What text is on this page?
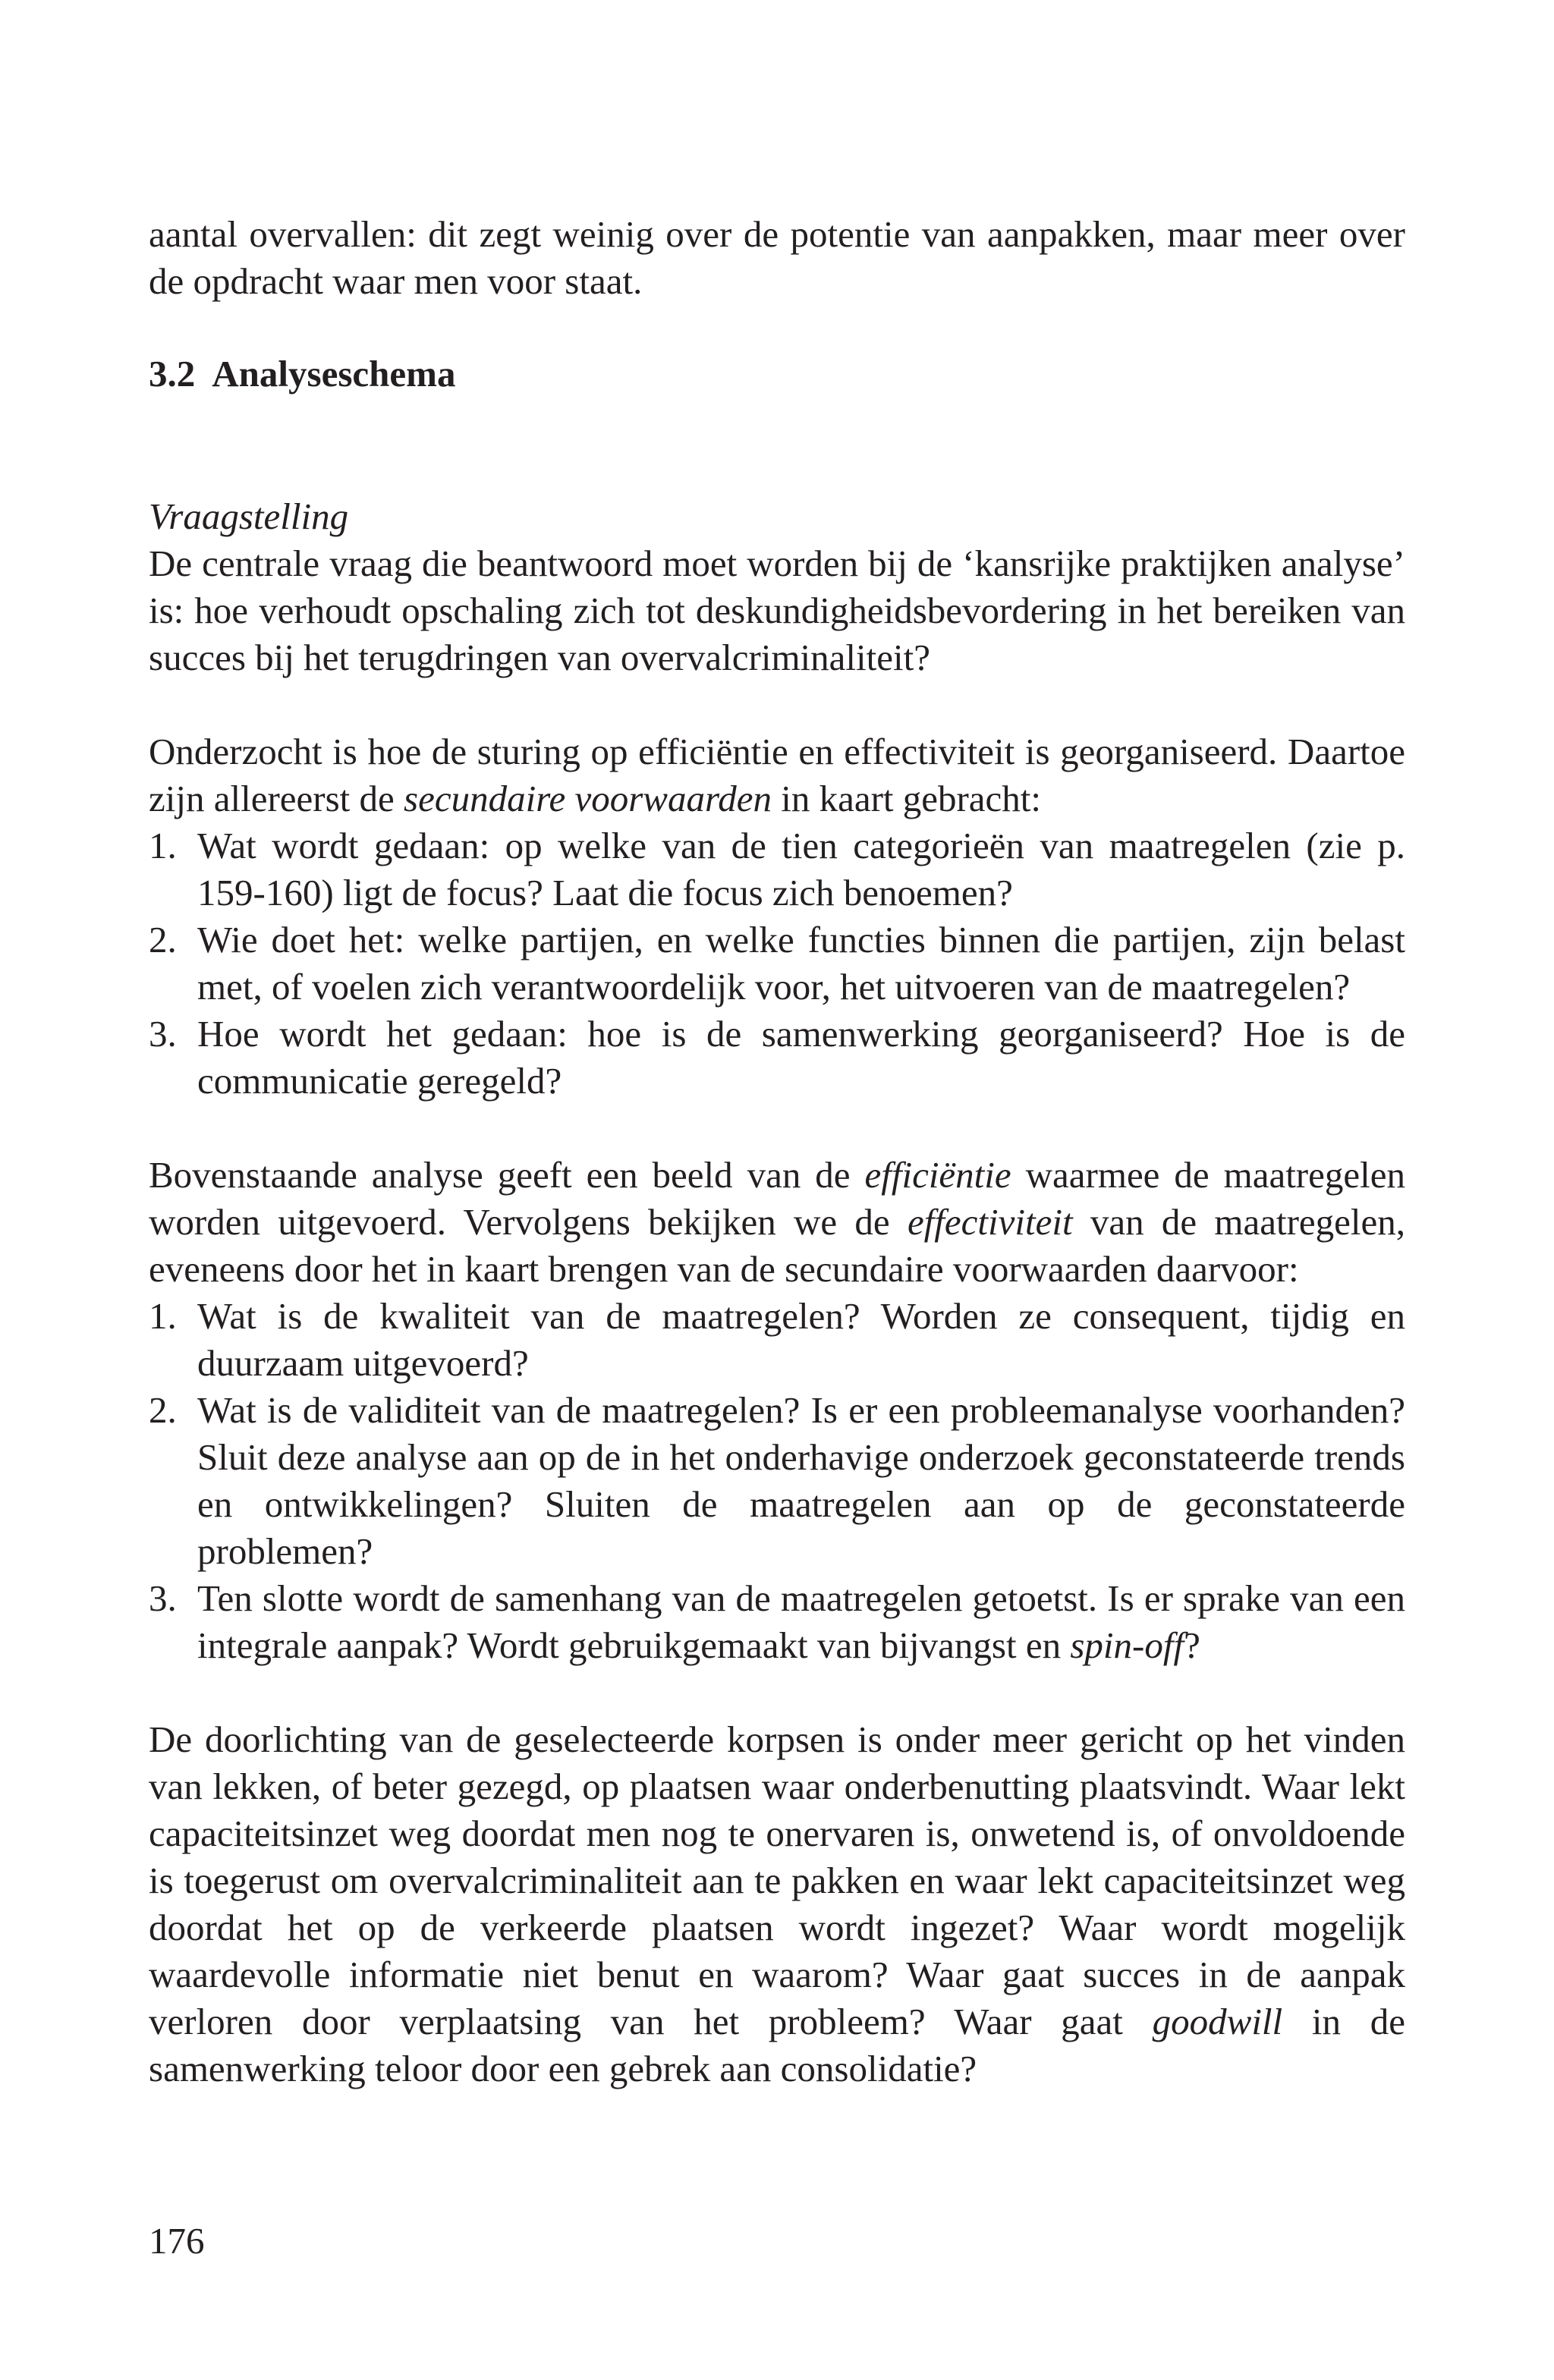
aantal overvallen: dit zegt weinig over de potentie van aanpakken, maar meer over de opdracht waar men voor staat.

3.2 Analyseschema

Vraagstelling

De centrale vraag die beantwoord moet worden bij de ‘kansrijke praktijken analyse’ is: hoe verhoudt opschaling zich tot deskundigheidsbevordering in het bereiken van succes bij het terugdringen van overvalcriminaliteit?

Onderzocht is hoe de sturing op efficiëntie en effectiviteit is georganiseerd. Daartoe zijn allereerst de secundaire voorwaarden in kaart gebracht:

1. Wat wordt gedaan: op welke van de tien categorieën van maatregelen (zie p. 159-160) ligt de focus? Laat die focus zich benoemen?
2. Wie doet het: welke partijen, en welke functies binnen die partijen, zijn belast met, of voelen zich verantwoordelijk voor, het uitvoeren van de maatregelen?
3. Hoe wordt het gedaan: hoe is de samenwerking georganiseerd? Hoe is de communicatie geregeld?

Bovenstaande analyse geeft een beeld van de efficiëntie waarmee de maatregelen worden uitgevoerd. Vervolgens bekijken we de effectiviteit van de maatregelen, eveneens door het in kaart brengen van de secundaire voorwaarden daarvoor:

1. Wat is de kwaliteit van de maatregelen? Worden ze consequent, tijdig en duurzaam uitgevoerd?
2. Wat is de validiteit van de maatregelen? Is er een probleemanalyse voorhanden? Sluit deze analyse aan op de in het onderhavige onderzoek geconstateerde trends en ontwikkelingen? Sluiten de maatregelen aan op de geconstateerde problemen?
3. Ten slotte wordt de samenhang van de maatregelen getoetst. Is er sprake van een integrale aanpak? Wordt gebruikgemaakt van bijvangst en spin-off?

De doorlichting van de geselecteerde korpsen is onder meer gericht op het vinden van lekken, of beter gezegd, op plaatsen waar onderbenutting plaatsvindt. Waar lekt capaciteitsinzet weg doordat men nog te onervaren is, onwetend is, of onvoldoende is toegerust om overvalcriminaliteit aan te pakken en waar lekt capaciteitsinzet weg doordat het op de verkeerde plaatsen wordt ingezet? Waar wordt mogelijk waardevolle informatie niet benut en waarom? Waar gaat succes in de aanpak verloren door verplaatsing van het probleem? Waar gaat goodwill in de samenwerking teloor door een gebrek aan consolidatie?

176
